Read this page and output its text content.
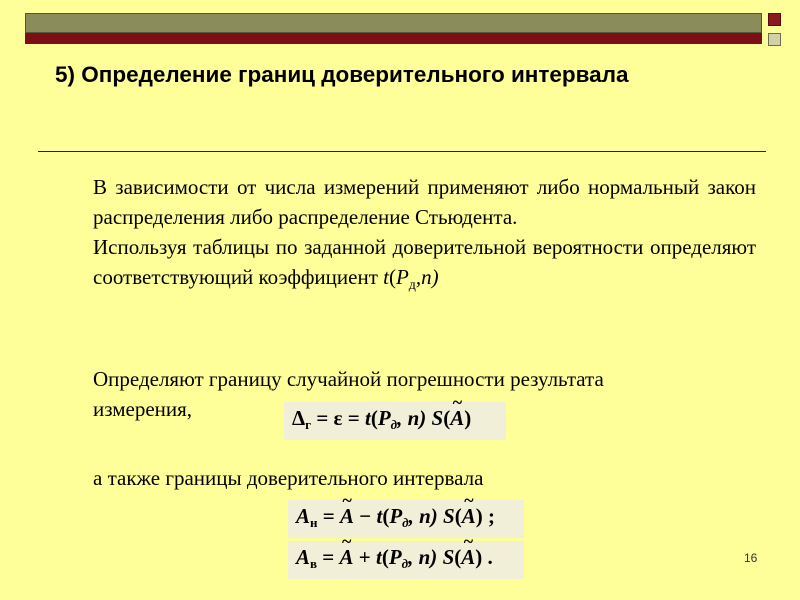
5) Определение границ доверительного интервала

В зависимости от числа измерений применяют либо нормальный закон распределения либо распределение Стьюдента.

Используя таблицы по заданной доверительной вероятности определяют соответствующий коэффициент $t(P_д,n)$

Определяют границу случайной погрешности результата
измерения,	Δг = ε = t(Pд, n) S(~ A)
а также границы доверительного интервала
Aн = ~ A − t(Pд, n) S(~ A) ;
Aв = ~ A + t(Pд, n) S(~ A) .	16
